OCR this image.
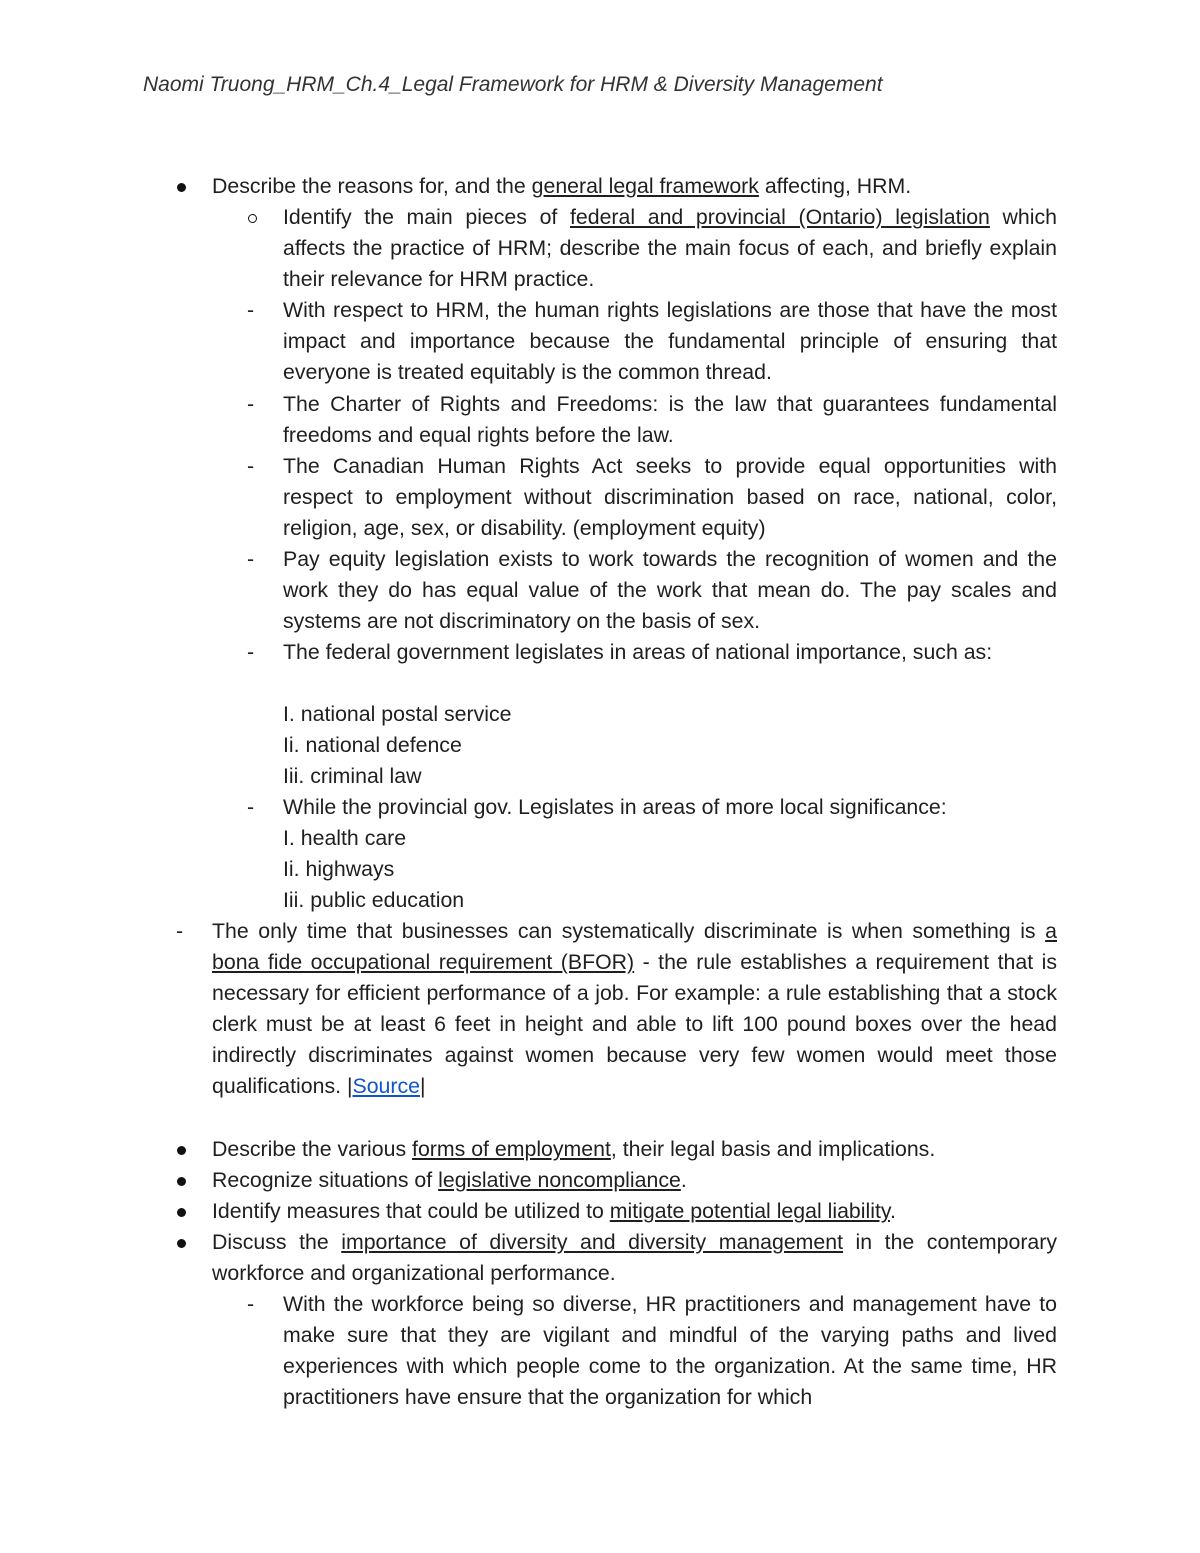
Naomi Truong_HRM_Ch.4_Legal Framework for HRM & Diversity Management
Describe the reasons for, and the general legal framework affecting, HRM.
Identify the main pieces of federal and provincial (Ontario) legislation which affects the practice of HRM; describe the main focus of each, and briefly explain their relevance for HRM practice.
- With respect to HRM, the human rights legislations are those that have the most impact and importance because the fundamental principle of ensuring that everyone is treated equitably is the common thread.
- The Charter of Rights and Freedoms: is the law that guarantees fundamental freedoms and equal rights before the law.
- The Canadian Human Rights Act seeks to provide equal opportunities with respect to employment without discrimination based on race, national, color, religion, age, sex, or disability. (employment equity)
- Pay equity legislation exists to work towards the recognition of women and the work they do has equal value of the work that mean do. The pay scales and systems are not discriminatory on the basis of sex.
- The federal government legislates in areas of national importance, such as:
I. national postal service
Ii. national defence
Iii. criminal law
- While the provincial gov. Legislates in areas of more local significance:
I. health care
Ii. highways
Iii. public education
- The only time that businesses can systematically discriminate is when something is a bona fide occupational requirement (BFOR) - the rule establishes a requirement that is necessary for efficient performance of a job. For example: a rule establishing that a stock clerk must be at least 6 feet in height and able to lift 100 pound boxes over the head indirectly discriminates against women because very few women would meet those qualifications. |Source|
Describe the various forms of employment, their legal basis and implications.
Recognize situations of legislative noncompliance.
Identify measures that could be utilized to mitigate potential legal liability.
Discuss the importance of diversity and diversity management in the contemporary workforce and organizational performance.
- With the workforce being so diverse, HR practitioners and management have to make sure that they are vigilant and mindful of the varying paths and lived experiences with which people come to the organization. At the same time, HR practitioners have ensure that the organization for which
